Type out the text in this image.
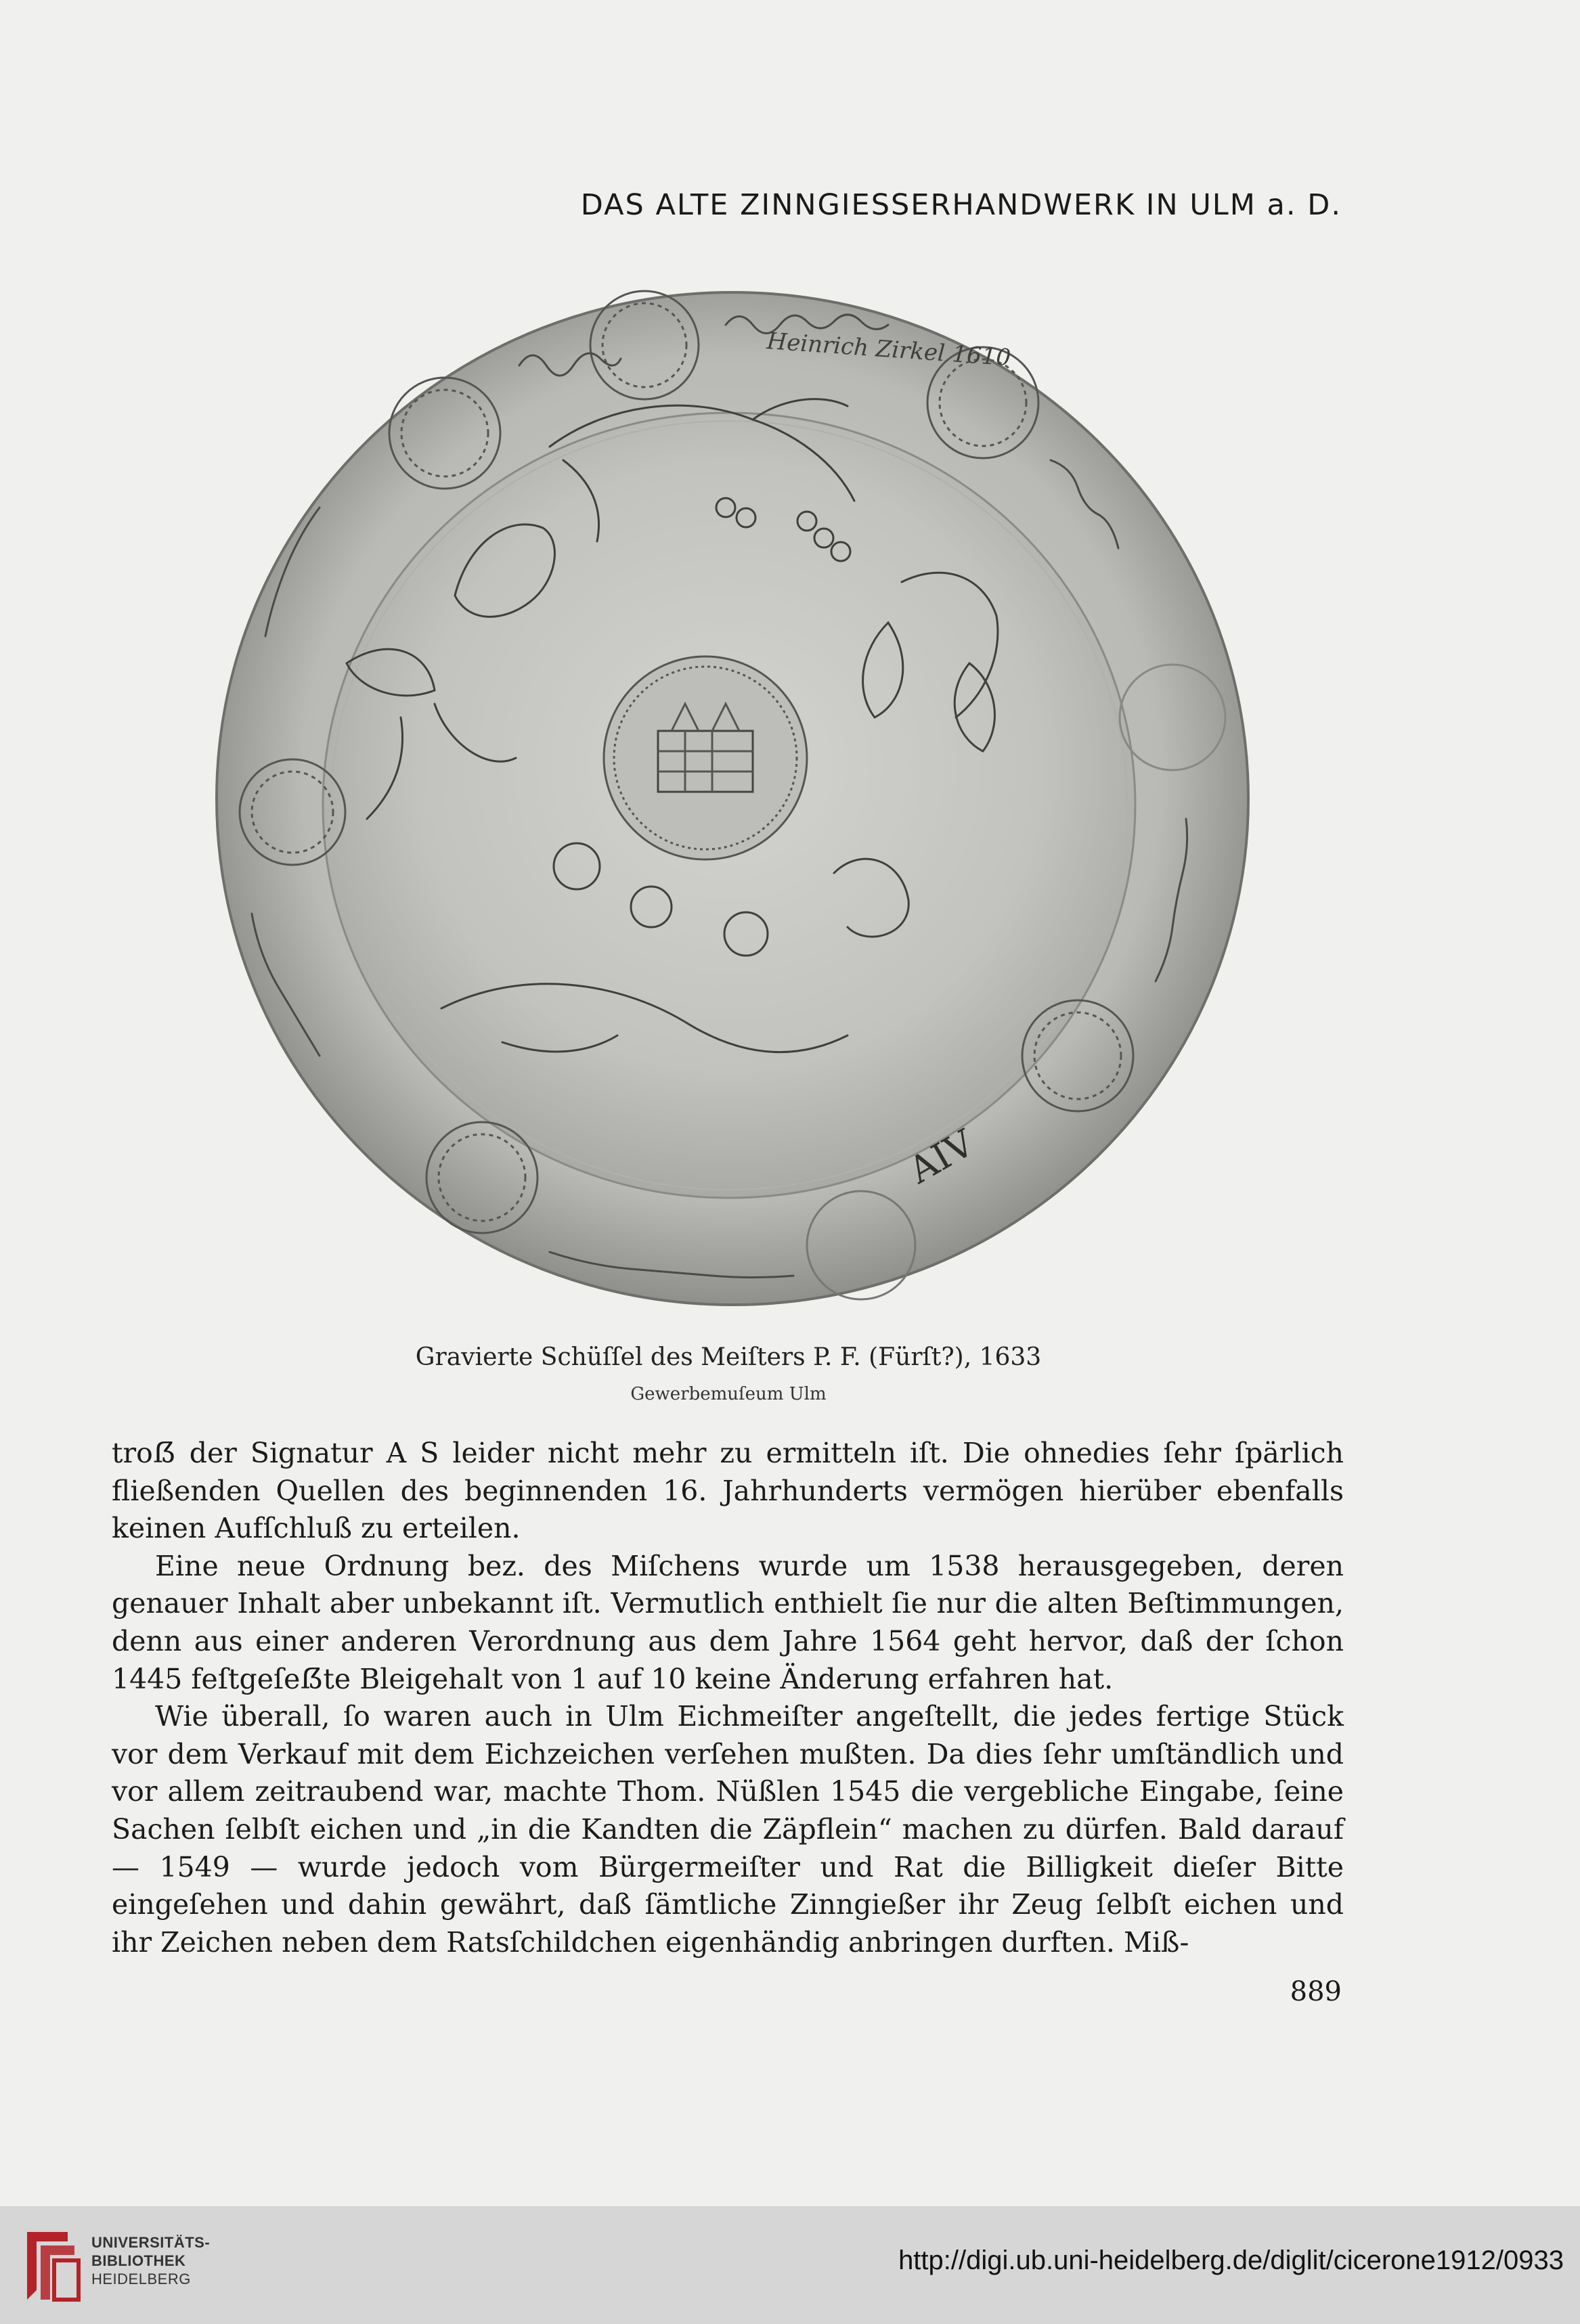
DAS ALTE ZINNGIESSERHANDWERK IN ULM a. D.
Heinrich Zirkel 1610
AIV
Gravierte Schüſſel des Meiſters P. F. (Fürſt?), 1633
Gewerbemuſeum Ulm

troẞ der Signatur A S leider nicht mehr zu ermitteln iſt. Die ohnedies ſehr ſpärlich fließenden Quellen des beginnenden 16. Jahrhunderts vermögen hierüber ebenfalls keinen Aufſchluß zu erteilen.

Eine neue Ordnung bez. des Miſchens wurde um 1538 herausgegeben, deren genauer Inhalt aber unbekannt iſt. Vermutlich enthielt ſie nur die alten Beſtimmungen, denn aus einer anderen Verordnung aus dem Jahre 1564 geht hervor, daß der ſchon 1445 feſtgeſeẞte Bleigehalt von 1 auf 10 keine Änderung erfahren hat.

Wie überall, ſo waren auch in Ulm Eichmeiſter angeſtellt, die jedes fertige Stück vor dem Verkauf mit dem Eichzeichen verſehen mußten. Da dies ſehr umſtändlich und vor allem zeitraubend war, machte Thom. Nüßlen 1545 die vergebliche Eingabe, ſeine Sachen ſelbſt eichen und „in die Kandten die Zäpflein“ machen zu dürfen. Bald darauf — 1549 — wurde jedoch vom Bürgermeiſter und Rat die Billigkeit dieſer Bitte eingeſehen und dahin gewährt, daß ſämtliche Zinngießer ihr Zeug ſelbſt eichen und ihr Zeichen neben dem Ratsſchildchen eigenhändig anbringen durften. Miß-

889
UNIVERSITÄTS-
BIBLIOTHEK
HEIDELBERG
http://digi.ub.uni-heidelberg.de/diglit/cicerone1912/0933
